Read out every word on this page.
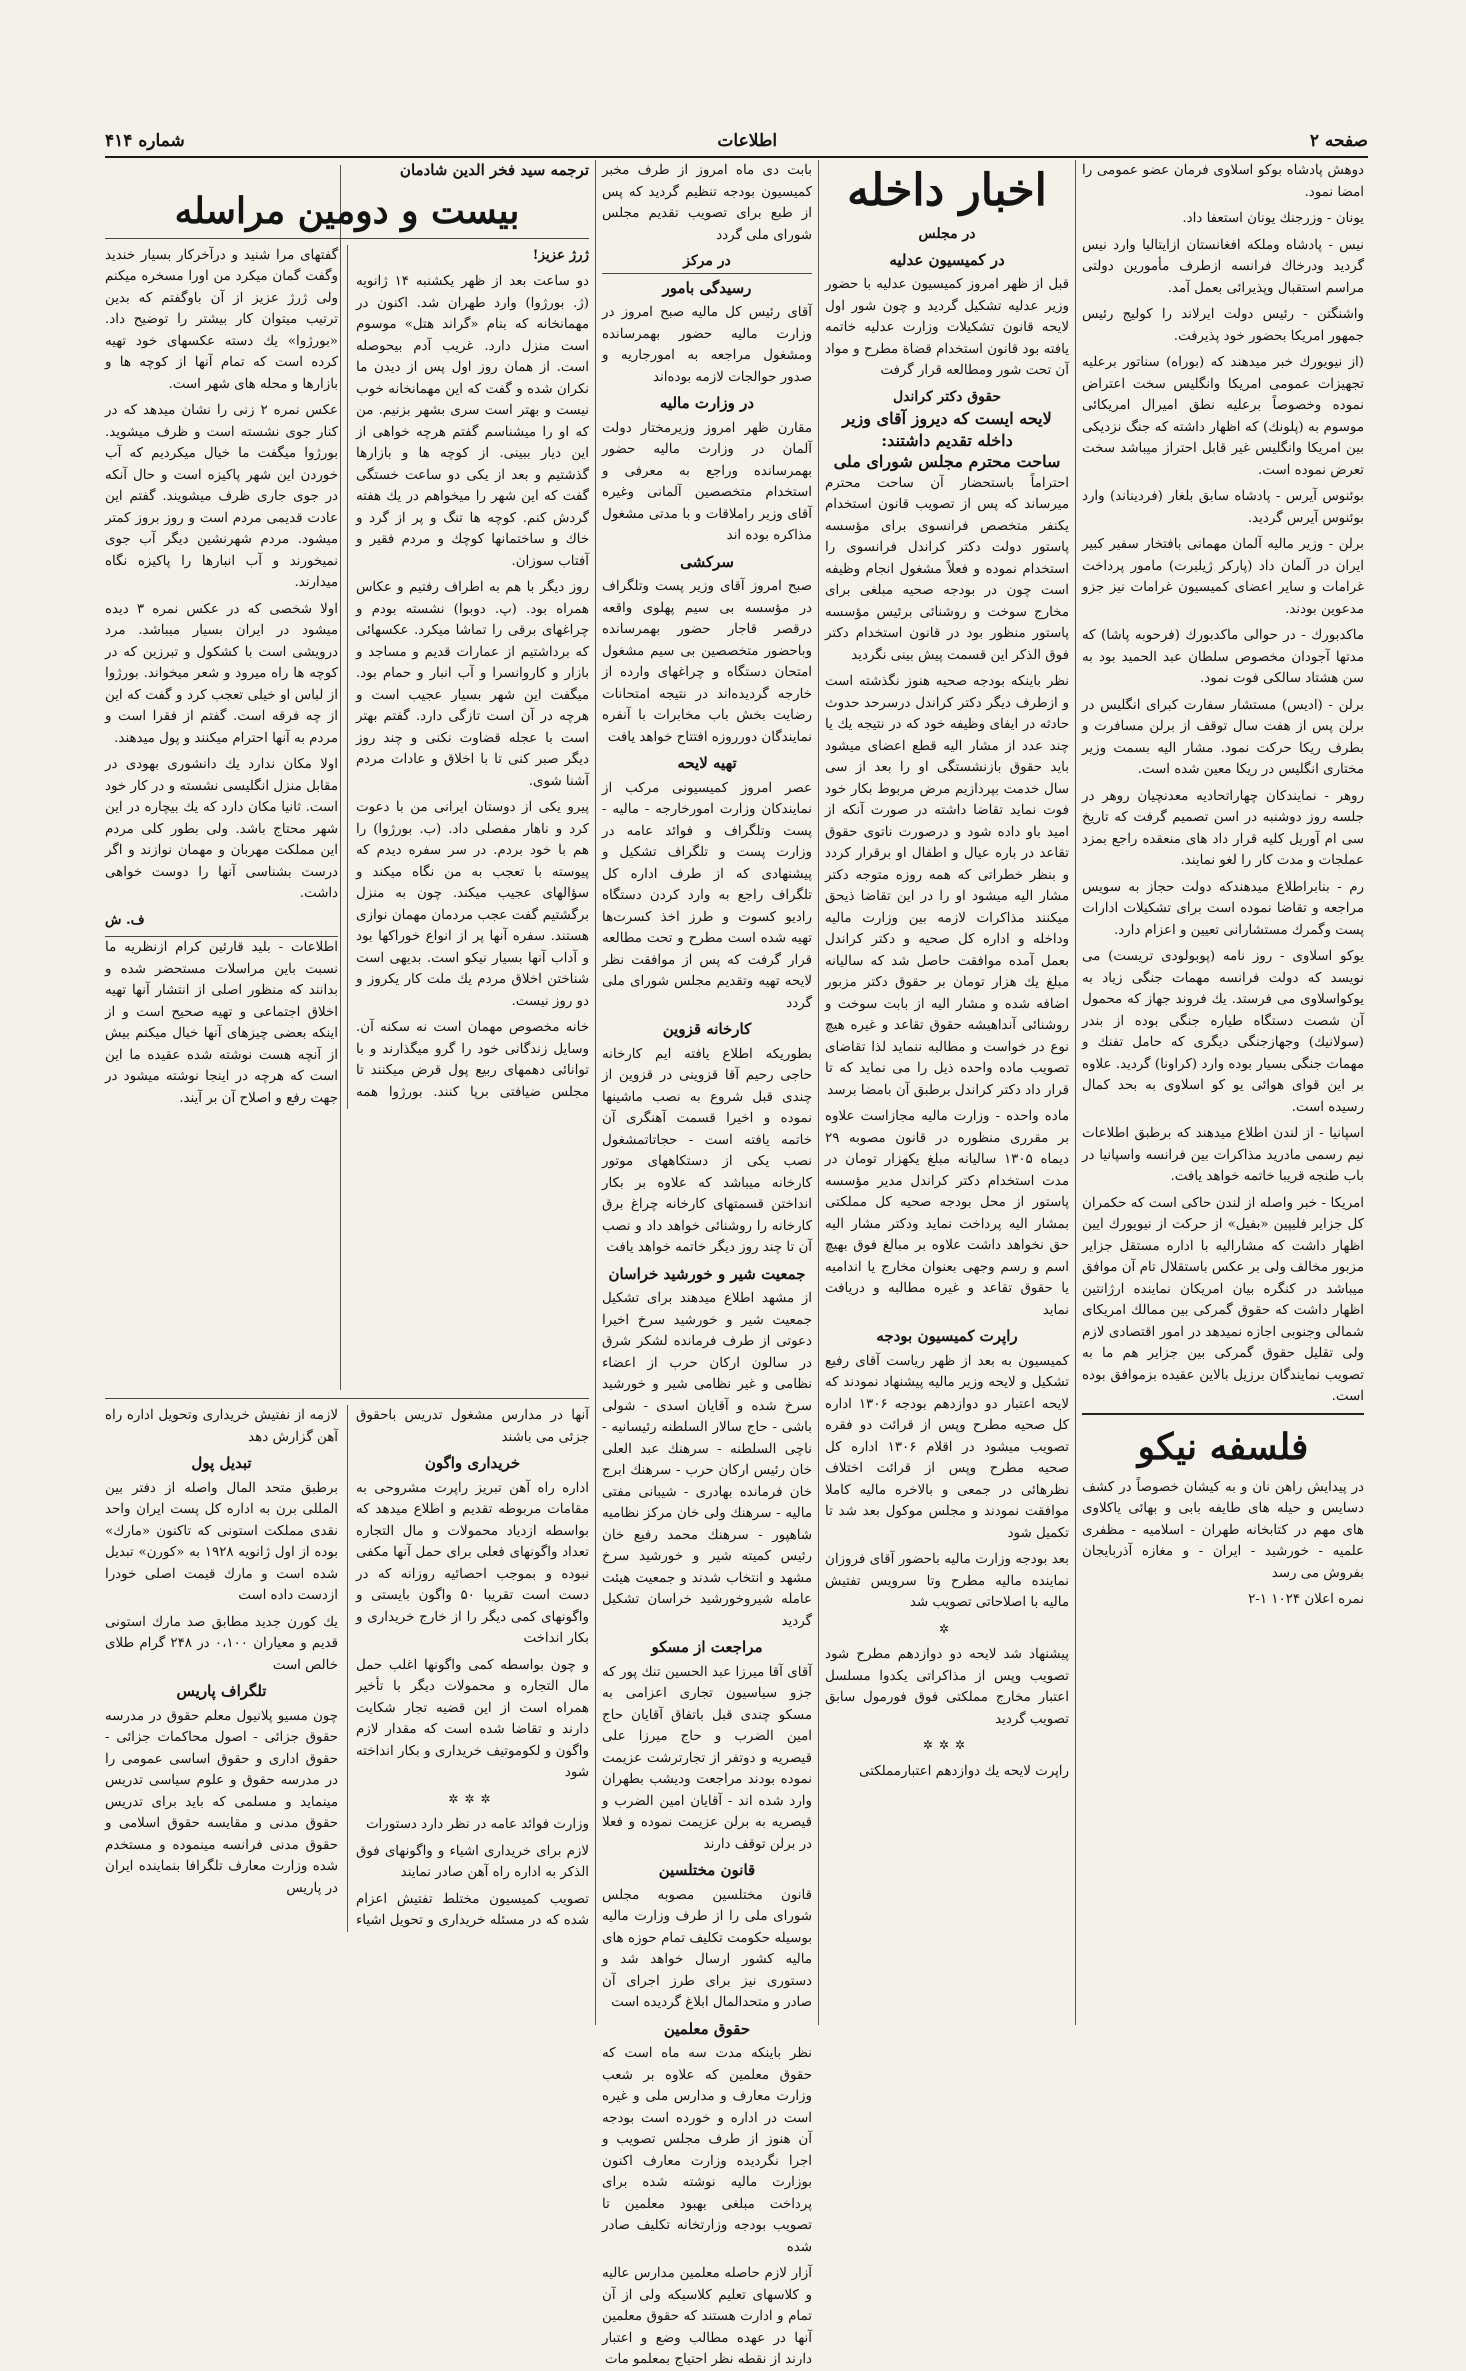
صفحه ۲
اطلاعات
شماره ۴۱۴

دوهش پادشاه بوکو اسلاوی فرمان عضو عمومی را امضا نمود.

یونان - وزرجنك یونان استعفا داد.

نیس - پادشاه وملکه افغانستان ازایتالیا وارد نیس گردید ودرخاك فرانسه ازطرف مأمورین دولتی مراسم استقبال وپذیرائی بعمل آمد.

واشنگتن - رئیس دولت ایرلاند را کولیج رئیس جمهور امریکا بحضور خود پذیرفت.

(از نیویورك خبر میدهند که (بوراه) سناتور برعلیه تجهیزات عمومی امریکا وانگلیس سخت اعتراض نموده وخصوصاً برعلیه نطق امیرال امریکائی موسوم به (پلونك) که اظهار داشته که جنگ نزدیکی بین امریکا وانگلیس غیر قابل احتراز میباشد سخت تعرض نموده است.

بوئنوس آیرس - پادشاه سابق بلغار (فردیناند) وارد بوئنوس آیرس گردید.

برلن - وزیر مالیه آلمان مهمانی بافتخار سفیر کبیر ایران در آلمان داد (پارکر ژیلبرت) مامور پرداخت غرامات و سایر اعضای کمیسیون غرامات نیز جزو مدعوین بودند.

ماکدبورك - در حوالی ماکدبورك (فرحوبه پاشا) که مدتها آجودان مخصوص سلطان عبد الحمید بود به سن هشتاد سالکی فوت نمود.

برلن - (ادیس) مستشار سفارت کبرای انگلیس در برلن پس از هفت سال توقف از برلن مسافرت و بطرف ریکا حرکت نمود. مشار الیه بسمت وزیر مختاری انگلیس در ریکا معین شده است.

روهر - نمایندکان چهاراتحادیه معدنچیان روهر در جلسه روز دوشنبه در اسن تصمیم گرفت که تاریخ سی ام آوریل کلیه قرار داد های منعقده راجع بمزد عملجات و مدت کار را لغو نمایند.

رم - بنابراطلاع میدهندکه دولت حجاز به سویس مراجعه و تقاضا نموده است برای تشکیلات ادارات پست وگمرك مستشارانی تعیین و اعزام دارد.

یوکو اسلاوی - روز نامه (پوبولودی تریست) می نویسد که دولت فرانسه مهمات جنگی زیاد به یوکواسلاوی می فرستد. یك فروند جهاز که محمول آن شصت دستگاه طیاره جنگی بوده از بندر (سولانیك) وجهازجنگی دیگری که حامل تفنك و مهمات جنگی بسیار بوده وارد (کراونا) گردید. علاوه بر این قوای هوائی یو کو اسلاوی به بحد کمال رسیده است.

اسپانیا - از لندن اطلاع میدهند که برطبق اطلاعات نیم رسمی مادرید مذاکرات بین فرانسه واسپانیا در باب طنجه قریبا خاتمه خواهد یافت.

امریکا - خبر واصله از لندن حاکی است که حکمران کل جزایر فلیپین «بفیل» از حرکت از نیویورك ایین اظهار داشت که مشارالیه با اداره مستقل جزایر مزبور مخالف ولی بر عکس باستقلال تام آن موافق میباشد در کنگره بیان امریکان نماینده ارژانتین اظهار داشت که حقوق گمرکی بین ممالك امریکای شمالی وجنوبی اجازه نمیدهد در امور اقتصادی لازم ولی تقلیل حقوق گمرکی بین جزایر هم ما به تصویب نمایندگان برزیل بالاین عقیده بزموافق بوده است.

فلسفه نیکو

در پیدایش راهن نان و به کیشان خصوصاً در کشف دسایس و حیله های طایفه بابی و بهائی یاکلاوی های مهم در کتابخانه طهران - اسلامیه - مظفری علمیه - خورشید - ایران - و مغازه آذربایجان بفروش می رسد

نمره اعلان ۱۰۲۴ ۱-۲

اخبار داخله
در مجلس
در کمیسیون عدلیه

قبل از ظهر امروز کمیسیون عدلیه با حضور وزیر عدلیه تشکیل گردید و چون شور اول لایحه قانون تشکیلات وزارت عدلیه خاتمه یافته بود قانون استخدام قضاة مطرح و مواد آن تحت شور ومطالعه قرار گرفت

حقوق دکتر کراندل
لایحه ایست که دیروز آقای وزیر داخله تقدیم داشتند:
ساحت محترم مجلس شورای ملی

احتراماً باستحضار آن ساحت محترم میرساند که پس از تصویب قانون استخدام یکنفر متخصص فرانسوی برای مؤسسه پاستور دولت دکتر کراندل فرانسوی را استخدام نموده و فعلاً مشغول انجام وظیفه است چون در بودجه صحیه مبلغی برای مخارج سوخت و روشنائی برئیس مؤسسه پاستور منظور بود در قانون استخدام دکتر فوق الذکر این قسمت پیش بینی نگردید

نظر باینکه بودجه صحیه هنوز نگذشته است و ازطرف دیگر دکتر کراندل درسرحد حدوث حادثه در ایفای وظیفه خود که در نتیجه یك یا چند عدد از مشار الیه قطع اعضای میشود باید حقوق بازنشستگی او را بعد از سی سال خدمت بپردازیم مرض مربوط بکار خود فوت نماید تقاضا داشته در صورت آنکه از امید باو داده شود و درصورت ناتوی حقوق تقاعد در باره عیال و اطفال او برقرار کردد و بنظر خطراتی که همه روزه متوجه دکتر مشار الیه میشود او را در این تقاضا ذیحق میکنند مذاکرات لازمه بین وزارت مالیه وداخله و اداره کل صحیه و دکتر کراندل بعمل آمده موافقت حاصل شد که سالیانه مبلغ یك هزار تومان بر حقوق دکتر مزبور اضافه شده و مشار الیه از بابت سوخت و روشنائی آنداهیشه حقوق تقاعد و غیره هیچ نوع در خواست و مطالبه ننماید لذا تقاضای تصویب ماده واحده ذیل را می نماید که تا قرار داد دکتر کراندل برطبق آن بامضا برسد

ماده واحده - وزارت مالیه مجازاست علاوه بر مقرری منظوره در قانون مصوبه ۲۹ دیماه ۱۳۰۵ سالیانه مبلغ یکهزار تومان در مدت استخدام دکتر کراندل مدیر مؤسسه پاستور از محل بودجه صحیه کل مملکتی بمشار الیه پرداخت نماید ودکتر مشار الیه حق نخواهد داشت علاوه بر مبالغ فوق بهیچ اسم و رسم وجهی بعنوان مخارج یا اندامیه یا حقوق تقاعد و غیره مطالبه و دریافت نماید

راپرت کمیسیون بودجه

کمیسیون به بعد از ظهر ریاست آقای رفیع تشکیل و لایحه وزیر مالیه پیشنهاد نمودند که لایحه اعتبار دو دوازدهم بودجه ۱۳۰۶ اداره کل صحیه مطرح وپس از قرائت دو فقره تصویب میشود در اقلام ۱۳۰۶ اداره کل صحیه مطرح وپس از قرائت اختلاف نظرهائی در جمعی و بالاخره مالیه کاملا موافقت نمودند و مجلس موکول بعد شد تا تکمیل شود

بعد بودجه وزارت مالیه باحضور آقای فروزان نماینده مالیه مطرح وتا سرویس تفتیش مالیه با اصلاحاتی تصویب شد

✲

پیشنهاد شد لایحه دو دوازدهم مطرح شود تصویب وپس از مذاکراتی یکدوا مسلسل اعتبار مخارج مملکتی فوق فورمول سابق تصویب گردید

✲✲✲

راپرت لایحه یك دوازدهم اعتبارمملکتی

بابت دی ماه امروز از طرف مخبر کمیسیون بودجه تنظیم گردید که پس از طبع برای تصویب تقدیم مجلس شورای ملی گردد

در مرکز
رسیدگی بامور

آقای رئیس کل مالیه صبح امروز در وزارت مالیه حضور بهمرسانده ومشغول مراجعه به امورجاریه و صدور حوالجات لازمه بوده‌اند

در وزارت مالیه

مقارن ظهر امروز وزیرمختار دولت آلمان در وزارت مالیه حضور بهمرسانده وراجع به معرفی و استخدام متخصصین آلمانی وغیره آقای وزیر راملاقات و با مدتی مشغول مذاکره بوده اند

سرکشی

صبح امروز آقای وزیر پست وتلگراف در مؤسسه بی سیم پهلوی واقعه درقصر قاجار حضور بهمرسانده وباحضور متخصصین بی سیم مشغول امتحان دستگاه و چراغهای وارده از خارجه گردیده‌اند در نتیجه امتحانات رضایت بخش باب مخابرات با آنفره نمایندگان دورروزه افتتاح خواهد یافت

تهیه لایحه

عصر امروز کمیسیونی مرکب از نمایندکان وزارت امورخارجه - مالیه - پست وتلگراف و فوائد عامه در وزارت پست و تلگراف تشکیل و پیشنهادی که از طرف اداره کل تلگراف راجع به وارد کردن دستگاه رادیو کسوت و طرز اخذ کسرت‌ها تهیه شده است مطرح و تحت مطالعه قرار گرفت که پس از موافقت نظر لایحه تهیه وتقدیم مجلس شورای ملی گردد

کارخانه قزوین

بطوریکه اطلاع یافته ایم کارخانه حاجی رحیم آقا قزوینی در قزوین از چندی قبل شروع به نصب ماشینها نموده و اخیرا قسمت آهنگری آن خاتمه یافته است - حجاتاتمشغول نصب یکی از دستکاههای موتور کارخانه میباشد که علاوه بر بکار انداختن قسمتهای کارخانه چراغ برق کارخانه را روشنائی خواهد داد و نصب آن تا چند روز دیگر خاتمه خواهد یافت

جمعیت شیر و خورشید خراسان

از مشهد اطلاع میدهند برای تشکیل جمعیت شیر و خورشید سرخ اخیرا دعوتی از طرف فرمانده لشکر شرق در سالون ارکان حرب از اعضاء نظامی و غیر نظامی شیر و خورشید سرخ شده و آقایان اسدی - شولی باشی - حاج سالار السلطنه رئیسانیه - ناچی السلطنه - سرهنك عبد العلی خان رئیس ارکان حرب - سرهنك ابرج خان فرمانده بهادری - شیبانی مفتی مالیه - سرهنك ولی خان مرکز نظامیه شاهپور - سرهنك محمد رفیع خان رئیس کمیته شیر و خورشید سرخ مشهد و انتخاب شدند و جمعیت هیئت عامله شیروخورشید خراسان تشکیل گردید

مراجعت از مسکو

آقای آقا میرزا عبد الحسین تنك پور که جزو سیاسیون تجاری اعزامی به مسکو چندی قبل باتفاق آقایان حاج امین الضرب و حاج میرزا علی قیصریه و دوتفر از تجارترشت عزیمت نموده بودند مراجعت ودیشب بطهران وارد شده اند - آقایان امین الضرب و قیصریه به برلن عزیمت نموده و فعلا در برلن توقف دارند

قانون مختلسین

قانون مختلسین مصوبه مجلس شورای ملی را از طرف وزارت مالیه بوسیله حکومت تکلیف تمام حوزه های مالیه کشور ارسال خواهد شد و دستوری نیز برای طرز اجرای آن صادر و متحدالمال ابلاغ گردیده است

حقوق معلمین

نظر باینکه مدت سه ماه است که حقوق معلمین که علاوه بر شعب وزارت معارف و مدارس ملی و غیره است در اداره و خورده است بودجه آن هنوز از طرف مجلس تصویب و اجرا نگردیده وزارت معارف اکنون بوزارت مالیه نوشته شده برای پرداخت مبلغی بهبود معلمین تا تصویب بودجه وزارتخانه تکلیف صادر شده

آزار لازم حاصله معلمین مدارس عالیه و کلاسهای تعلیم کلاسیکه ولی از آن تمام و ادارت هستند که حقوق معلمین آنها در عهده مطالب وضع و اعتبار دارند از نقطه نظر احتیاج بمعلمو مات

ترجمه سید فخر الدین شادمان
بیست و دومین مراسله

ژرژ عزیز!

دو ساعت بعد از ظهر یکشنبه ۱۴ ژانویه (ژ. بورژوا) وارد طهران شد. اکنون در مهمانخانه که بنام «گراند هتل» موسوم است منزل دارد. غریب آدم بیحوصله است. از همان روز اول پس از دیدن ما نکران شده و گفت که این مهمانخانه خوب نیست و بهتر است سری بشهر بزنیم. من که او را میشناسم گفتم هرچه خواهی از این دیار ببینی. از کوچه ها و بازارها گذشتیم و بعد از یکی دو ساعت خستگی گفت که این شهر را میخواهم در یك هفته گردش کنم. کوچه ها تنگ و پر از گرد و خاك و ساختمانها کوچك و مردم فقیر و آفتاب سوزان.

روز دیگر با هم به اطراف رفتیم و عکاس همراه بود. (پ. دوبوا) نشسته بودم و چراغهای برقی را تماشا میکرد. عکسهائی که برداشتیم از عمارات قدیم و مساجد و بازار و کاروانسرا و آب انبار و حمام بود. میگفت این شهر بسیار عجیب است و هرچه در آن است تازگی دارد. گفتم بهتر است با عجله قضاوت نکنی و چند روز دیگر صبر کنی تا با اخلاق و عادات مردم آشنا شوی.

پیرو یکی از دوستان ایرانی من با دعوت کرد و ناهار مفصلی داد. (ب. بورژوا) را هم با خود بردم. در سر سفره دیدم که پیوسته با تعجب به من نگاه میکند و سؤالهای عجیب میکند. چون به منزل برگشتیم گفت عجب مردمان مهمان نوازی هستند. سفره آنها پر از انواع خوراکها بود و آداب آنها بسیار نیکو است. بدیهی است شناختن اخلاق مردم یك ملت کار یکروز و دو روز نیست.

خانه مخصوص مهمان است نه سکنه آن. وسایل زندگانی خود را گرو میگذارند و با توانائی دهمهای ربیع پول قرض میکنند تا مجلس ضیافتی برپا کنند. بورژوا همه گفتهای مرا شنید و درآخرکار بسیار خندید وگفت گمان میکرد من اورا مسخره میکنم ولی ژرژ عزیز از آن باوگفتم که بدین ترتیب میتوان کار بیشتر را توضیح داد. «بورژوا» یك دسته عکسهای خود تهیه کرده است که تمام آنها از کوچه ها و بازارها و محله های شهر است.

عکس نمره ۲ زنی را نشان میدهد که در کنار جوی نشسته است و ظرف میشوید. بورژوا میگفت ما خیال میکردیم که آب خوردن این شهر پاکیزه است و حال آنکه در جوی جاری ظرف میشویند. گفتم این عادت قدیمی مردم است و روز بروز کمتر میشود. مردم شهرنشین دیگر آب جوی نمیخورند و آب انبارها را پاکیزه نگاه میدارند.

اولا شخصی که در عکس نمره ۳ دیده میشود در ایران بسیار میباشد. مرد درویشی است با کشکول و تبرزین که در کوچه ها راه میرود و شعر میخواند. بورژوا از لباس او خیلی تعجب کرد و گفت که این از چه فرقه است. گفتم از فقرا است و مردم به آنها احترام میکنند و پول میدهند.

اولا مکان ندارد یك دانشوری بهودی در مقابل منزل انگلیسی نشسته و در کار خود است. ثانیا مکان دارد که یك بیچاره در این شهر محتاج باشد. ولی بطور کلی مردم این مملکت مهربان و مهمان نوازند و اگر درست بشناسی آنها را دوست خواهی داشت.

ف. ش

اطلاعات - بلید قارئین کرام ازنظریه ما نسبت باین مراسلات مستحضر شده و بدانند که منظور اصلی از انتشار آنها تهیه اخلاق اجتماعی و تهیه صحیح است و از اینکه بعضی چیزهای آنها خیال میکنم بیش از آنچه هست نوشته شده عقیده ما این است که هرچه در اینجا نوشته میشود در جهت رفع و اصلاح آن بر آیند.

آنها در مدارس مشغول تدریس باحقوق جزئی می باشند

خریداری واگون

اداره راه آهن تبریز راپرت مشروحی به مقامات مربوطه تقدیم و اطلاع میدهد که بواسطه ازدیاد محمولات و مال التجاره تعداد واگونهای فعلی برای حمل آنها مکفی نبوده و بموجب احصائیه روزانه که در دست است تقریبا ۵۰ واگون بایستی و واگونهای کمی دیگر را از خارج خریداری و بکار انداخت

و چون بواسطه کمی واگونها اغلب حمل مال التجاره و محمولات دیگر با تأخیر همراه است از این قضیه تجار شکایت دارند و تقاضا شده است که مقدار لازم واگون و لکوموتیف خریداری و بکار انداخته شود

✲✲✲

وزارت فوائد عامه در نظر دارد دستورات

لازم برای خریداری اشیاء و واگونهای فوق الذکر به اداره راه آهن صادر نمایند

تصویب کمیسیون مختلط تفتیش اعزام شده که در مسئله خریداری و تحویل اشیاء لازمه از نفتیش خریداری وتحویل اداره راه آهن گزارش دهد

تبدیل پول

برطبق متحد المال واصله از دفتر بین المللی برن به اداره کل پست ایران واحد نقدی مملکت استونی که تاکنون «مارك» بوده از اول ژانویه ۱۹۲۸ به «کورن» تبدیل شده است و مارك قیمت اصلی خودرا ازدست داده است

یك کورن جدید مطابق صد مارك استونی قدیم و معیاران ۰،۱۰۰ در ۲۴۸ گرام طلای خالص است

تلگراف پاریس

چون مسیو پلانیول معلم حقوق در مدرسه حقوق جزائی - اصول محاکمات جزائی - حقوق اداری و حقوق اساسی عمومی را در مدرسه حقوق و علوم سیاسی تدریس مینماید و مسلمی که باید برای تدریس حقوق مدنی و مقایسه حقوق اسلامی و حقوق مدنی فرانسه مینموده و مستخدم شده وزارت معارف تلگرافا بنماینده ایران در پاریس
